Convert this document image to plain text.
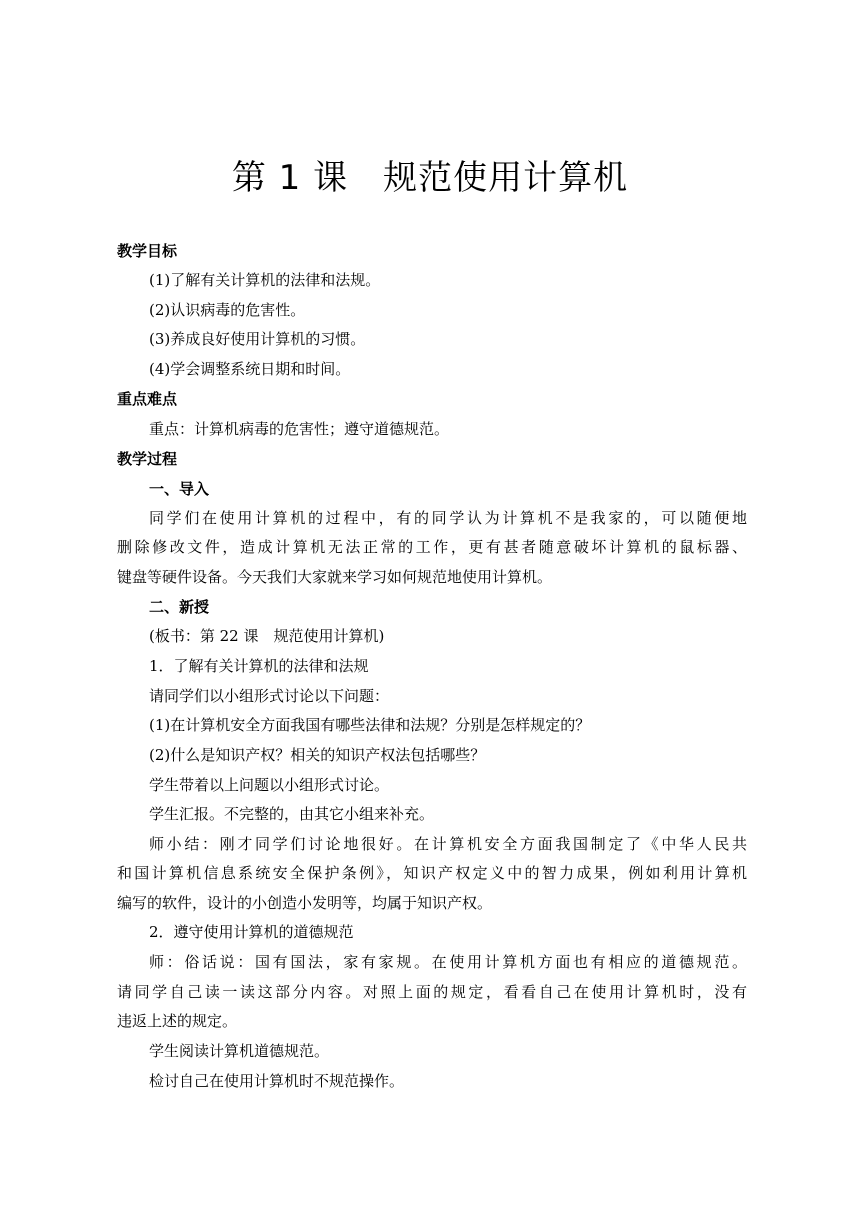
第 1 课　规范使用计算机
教学目标
(1)了解有关计算机的法律和法规。
(2)认识病毒的危害性。
(3)养成良好使用计算机的习惯。
(4)学会调整系统日期和时间。
重点难点
重点：计算机病毒的危害性；遵守道德规范。
教学过程
一、导入
同学们在使用计算机的过程中，有的同学认为计算机不是我家的，可以随便地
删除修改文件，造成计算机无法正常的工作，更有甚者随意破坏计算机的鼠标器、
键盘等硬件设备。今天我们大家就来学习如何规范地使用计算机。
二、新授
(板书：第 22 课　规范使用计算机)
1．了解有关计算机的法律和法规
请同学们以小组形式讨论以下问题：
(1)在计算机安全方面我国有哪些法律和法规？分别是怎样规定的？
(2)什么是知识产权？相关的知识产权法包括哪些？
学生带着以上问题以小组形式讨论。
学生汇报。不完整的，由其它小组来补充。
师小结：刚才同学们讨论地很好。在计算机安全方面我国制定了《中华人民共
和国计算机信息系统安全保护条例》，知识产权定义中的智力成果，例如利用计算机
编写的软件，设计的小创造小发明等，均属于知识产权。
2．遵守使用计算机的道德规范
师：俗话说：国有国法，家有家规。在使用计算机方面也有相应的道德规范。
请同学自己读一读这部分内容。对照上面的规定，看看自己在使用计算机时，没有
违返上述的规定。
学生阅读计算机道德规范。
检讨自己在使用计算机时不规范操作。
